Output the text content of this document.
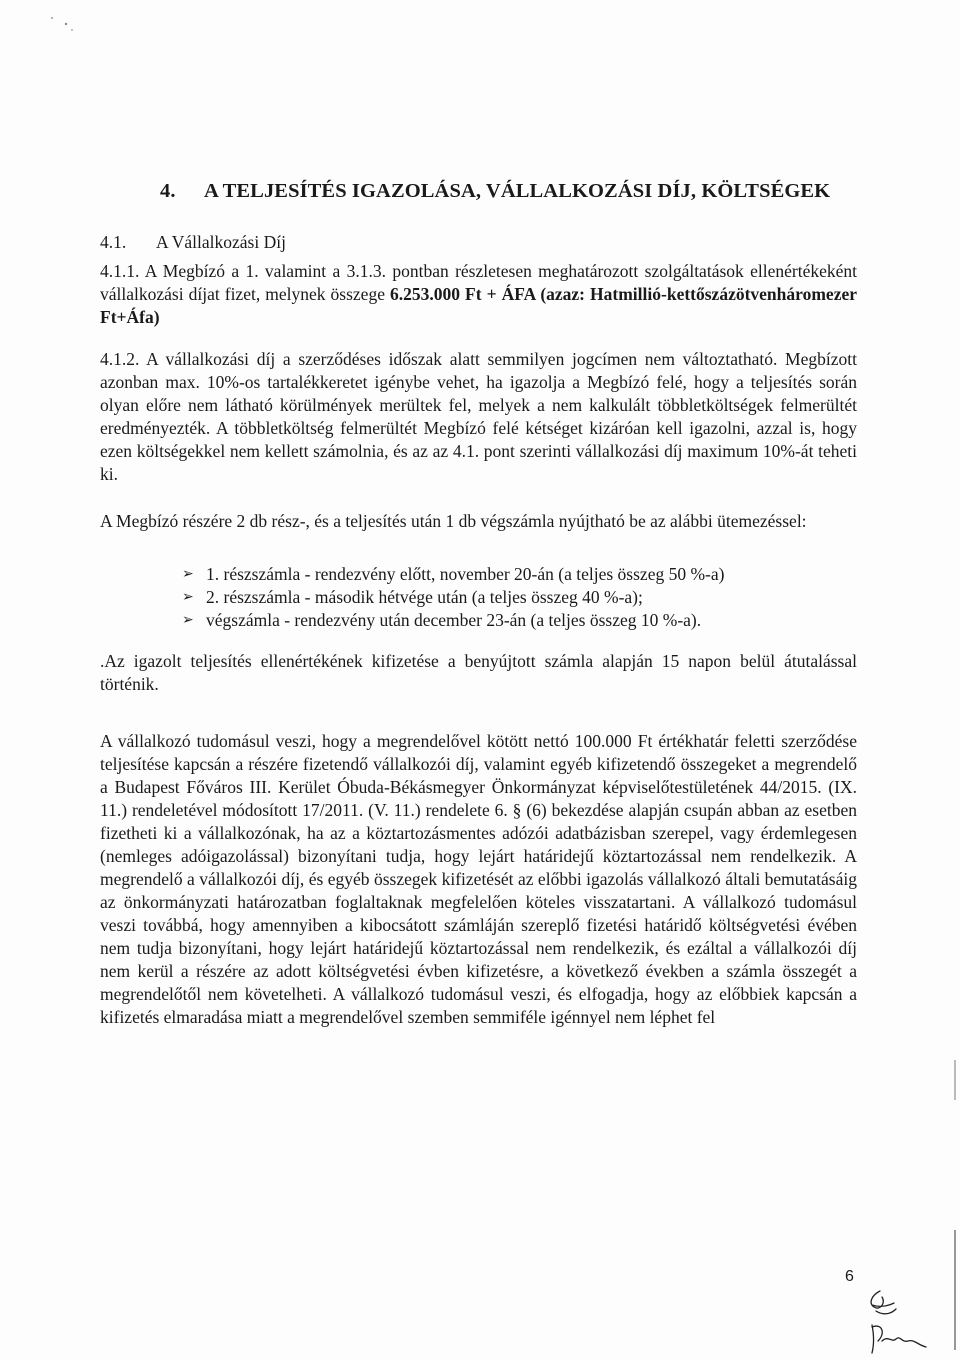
4. A TELJESÍTÉS IGAZOLÁSA, VÁLLALKOZÁSI DÍJ, KÖLTSÉGEK
4.1. A Vállalkozási Díj

4.1.1. A Megbízó a 1. valamint a 3.1.3. pontban részletesen meghatározott szolgáltatások ellenértékeként vállalkozási díjat fizet, melynek összege 6.253.000 Ft + ÁFA (azaz: Hatmillió-kettőszázötvenháromezer Ft+Áfa)

4.1.2. A vállalkozási díj a szerződéses időszak alatt semmilyen jogcímen nem változtatható. Megbízott azonban max. 10%-os tartalékkeretet igénybe vehet, ha igazolja a Megbízó felé, hogy a teljesítés során olyan előre nem látható körülmények merültek fel, melyek a nem kalkulált többletköltségek felmerültét eredményezték. A többletköltség felmerültét Megbízó felé kétséget kizáróan kell igazolni, azzal is, hogy ezen költségekkel nem kellett számolnia, és az az 4.1. pont szerinti vállalkozási díj maximum 10%-át teheti ki.

A Megbízó részére 2 db rész-, és a teljesítés után 1 db végszámla nyújtható be az alábbi ütemezéssel:

➢ 1. részszámla - rendezvény előtt, november 20-án (a teljes összeg 50 %-a)
➢ 2. részszámla - második hétvége után (a teljes összeg 40 %-a);
➢ végszámla - rendezvény után december 23-án (a teljes összeg 10 %-a).

.Az igazolt teljesítés ellenértékének kifizetése a benyújtott számla alapján 15 napon belül átutalással történik.

A vállalkozó tudomásul veszi, hogy a megrendelővel kötött nettó 100.000 Ft értékhatár feletti szerződése teljesítése kapcsán a részére fizetendő vállalkozói díj, valamint egyéb kifizetendő összegeket a megrendelő a Budapest Főváros III. Kerület Óbuda-Békásmegyer Önkormányzat képviselőtestületének 44/2015. (IX. 11.) rendeletével módosított 17/2011. (V. 11.) rendelete 6. § (6) bekezdése alapján csupán abban az esetben fizetheti ki a vállalkozónak, ha az a köztartozásmentes adózói adatbázisban szerepel, vagy érdemlegesen (nemleges adóigazolással) bizonyítani tudja, hogy lejárt határidejű köztartozással nem rendelkezik. A megrendelő a vállalkozói díj, és egyéb összegek kifizetését az előbbi igazolás vállalkozó általi bemutatásáig az önkormányzati határozatban foglaltaknak megfelelően köteles visszatartani. A vállalkozó tudomásul veszi továbbá, hogy amennyiben a kibocsátott számláján szereplő fizetési határidő költségvetési évében nem tudja bizonyítani, hogy lejárt határidejű köztartozással nem rendelkezik, és ezáltal a vállalkozói díj nem kerül a részére az adott költségvetési évben kifizetésre, a következő években a számla összegét a megrendelőtől nem követelheti. A vállalkozó tudomásul veszi, és elfogadja, hogy az előbbiek kapcsán a kifizetés elmaradása miatt a megrendelővel szemben semmiféle igénnyel nem léphet fel

6
